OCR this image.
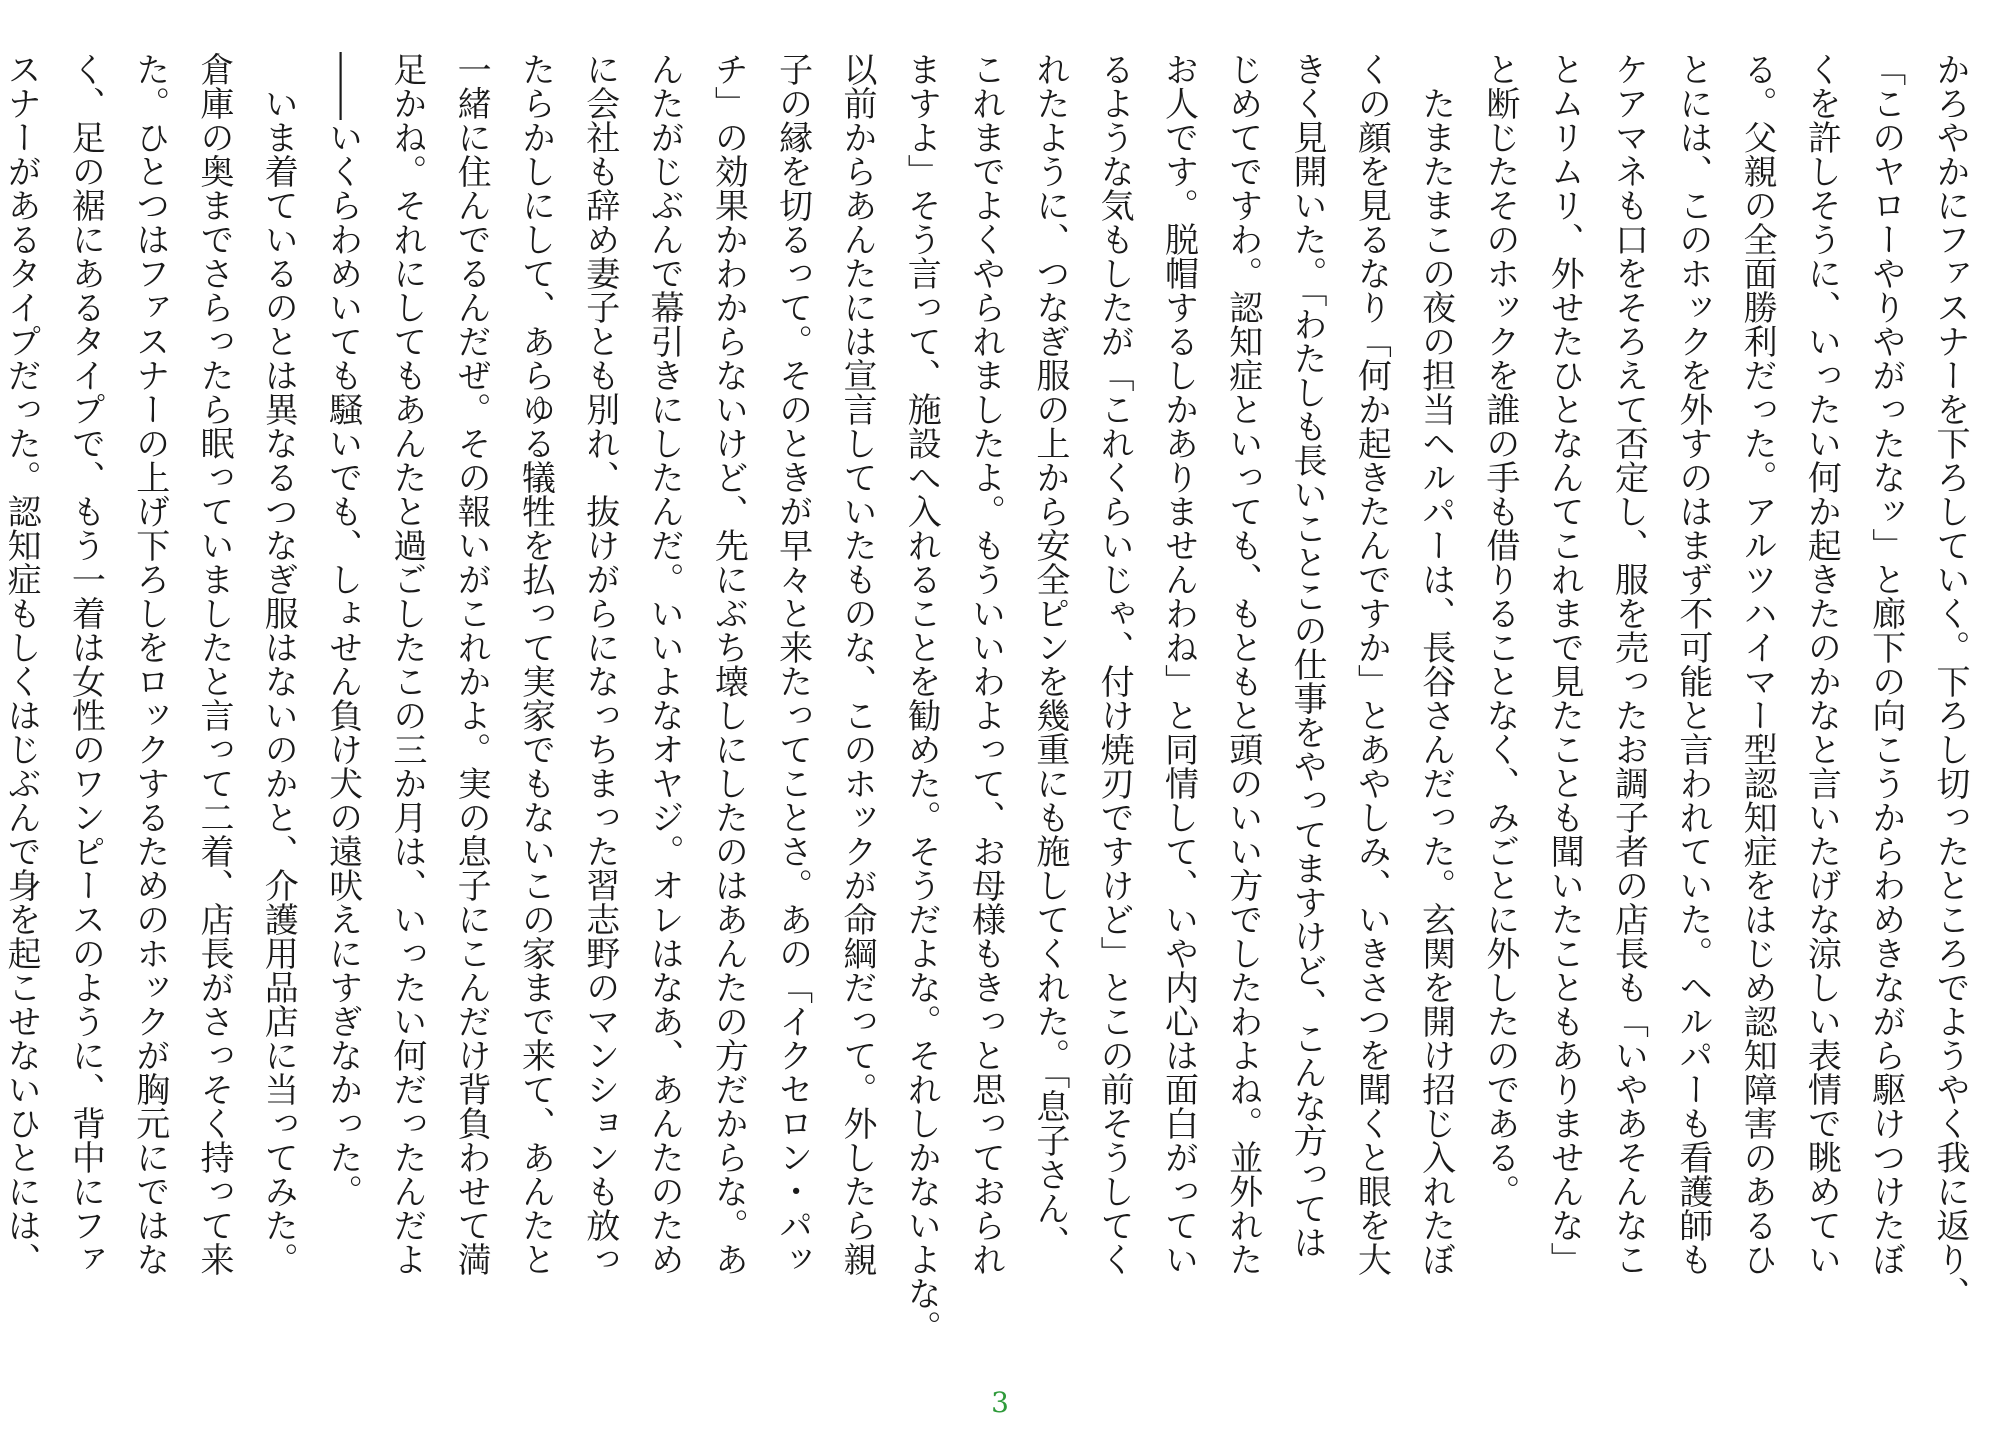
かろやかにファスナーを下ろしていく。下ろし切ったところでようやく我に返り、
「このヤローやりやがったなッ」と廊下の向こうからわめきながら駆けつけたぼ
くを許しそうに、いったい何か起きたのかなと言いたげな涼しい表情で眺めてい
る。父親の全面勝利だった。アルツハイマー型認知症をはじめ認知障害のあるひ
とには、このホックを外すのはまず不可能と言われていた。ヘルパーも看護師も
ケアマネも口をそろえて否定し、服を売ったお調子者の店長も「いやあそんなこ
とムリムリ、外せたひとなんてこれまで見たことも聞いたこともありませんな」
と断じたそのホックを誰の手も借りることなく、みごとに外したのである。
　たまたまこの夜の担当ヘルパーは、長谷さんだった。玄関を開け招じ入れたぼ
くの顔を見るなり「何か起きたんですか」とあやしみ、いきさつを聞くと眼を大
きく見開いた。「わたしも長いことこの仕事をやってますけど、こんな方っては
じめてですわ。認知症といっても、もともと頭のいい方でしたわよね。並外れた
お人です。脱帽するしかありませんわね」と同情して、いや内心は面白がってい
るような気もしたが「これくらいじゃ、付け焼刃ですけど」とこの前そうしてく
れたように、つなぎ服の上から安全ピンを幾重にも施してくれた。「息子さん、
これまでよくやられましたよ。もういいわよって、お母様もきっと思っておられ
ますよ」そう言って、施設へ入れることを勧めた。そうだよな。それしかないよな。
以前からあんたには宣言していたものな、このホックが命綱だって。外したら親
子の縁を切るって。そのときが早々と来たってことさ。あの「イクセロン・パッ
チ」の効果かわからないけど、先にぶち壊しにしたのはあんたの方だからな。あ
んたがじぶんで幕引きにしたんだ。いいよなオヤジ。オレはなあ、あんたのため
に会社も辞め妻子とも別れ、抜けがらになっちまった習志野のマンションも放っ
たらかしにして、あらゆる犠牲を払って実家でもないこの家まで来て、あんたと
一緒に住んでるんだぜ。その報いがこれかよ。実の息子にこんだけ背負わせて満
足かね。それにしてもあんたと過ごしたこの三か月は、いったい何だったんだよ
――いくらわめいても騒いでも、しょせん負け犬の遠吠えにすぎなかった。
　いま着ているのとは異なるつなぎ服はないのかと、介護用品店に当ってみた。
倉庫の奥までさらったら眠っていましたと言って二着、店長がさっそく持って来
た。ひとつはファスナーの上げ下ろしをロックするためのホックが胸元にではな
く、足の裾にあるタイプで、もう一着は女性のワンピースのように、背中にファ
スナーがあるタイプだった。認知症もしくはじぶんで身を起こせないひとには、
3
